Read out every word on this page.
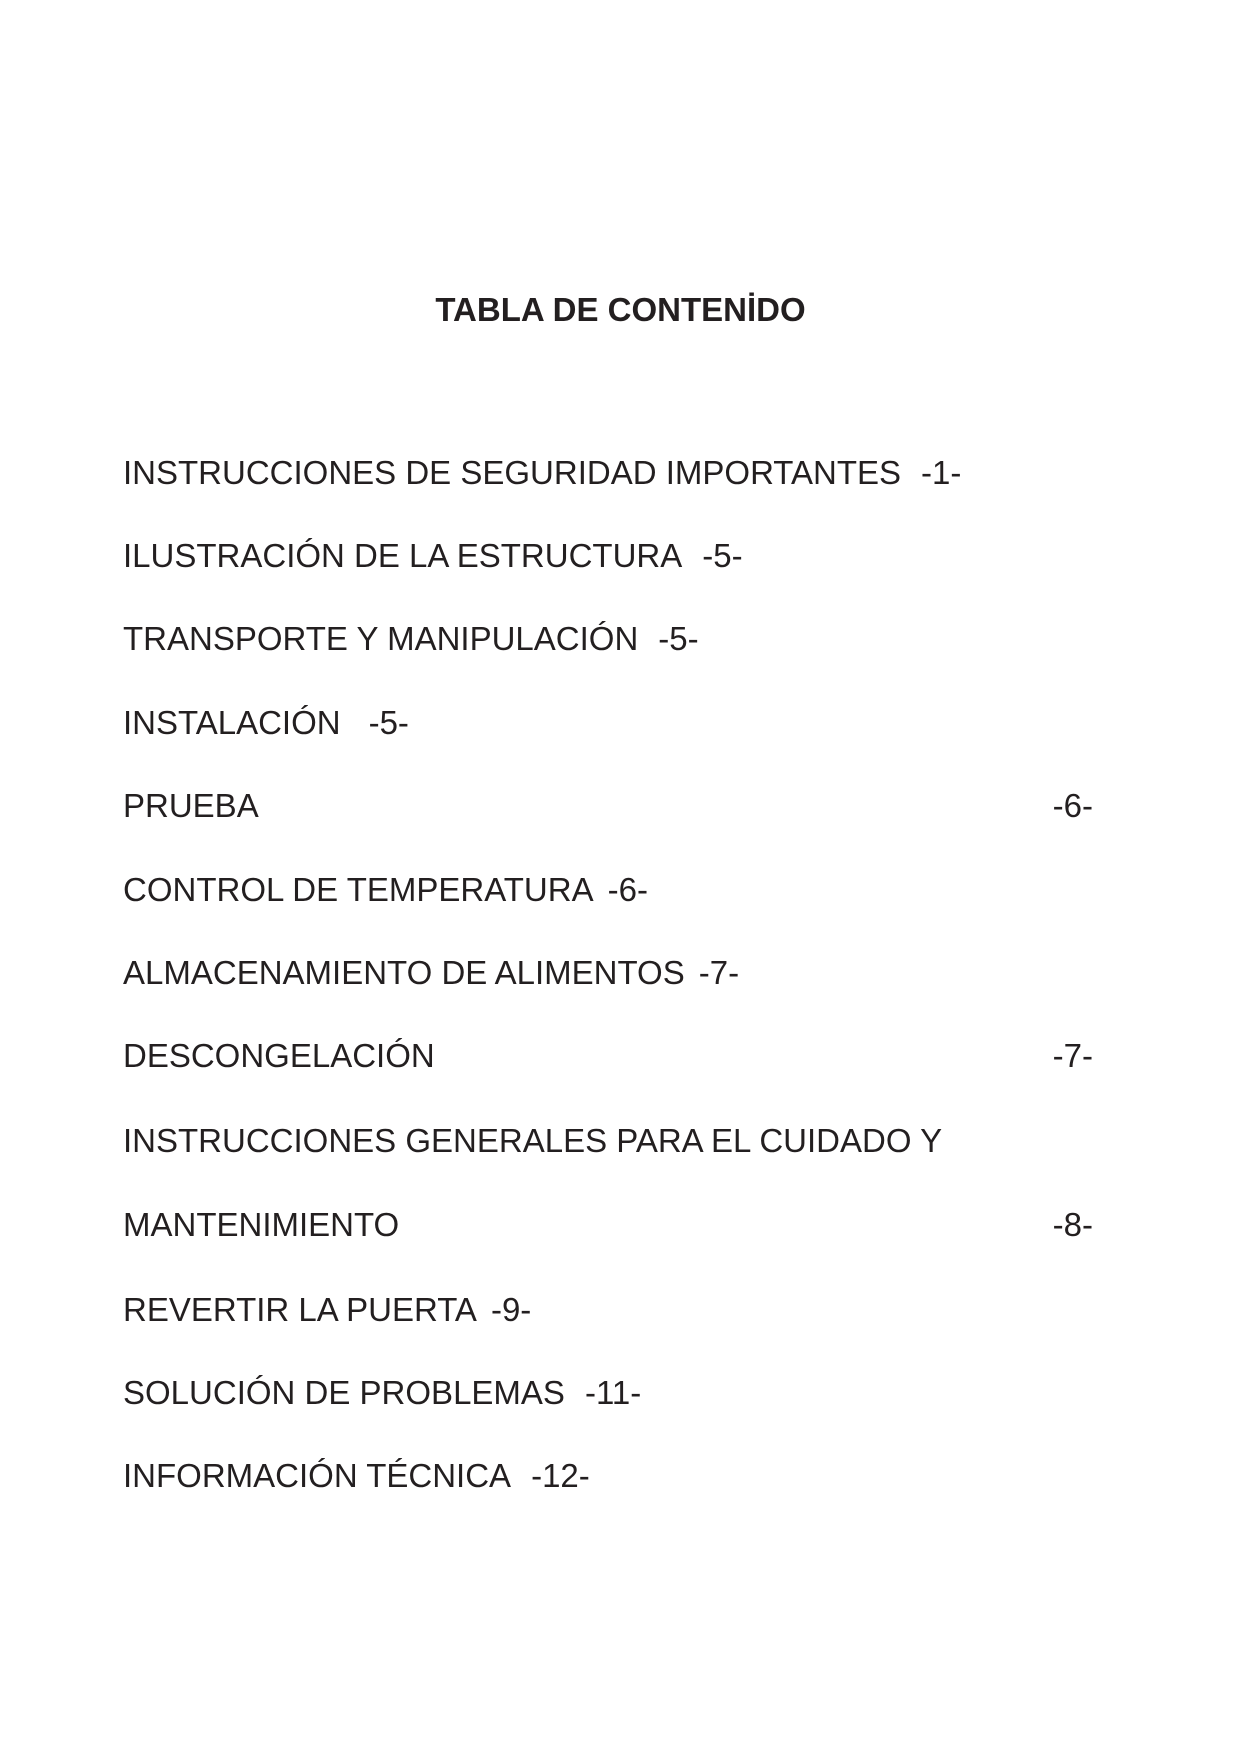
TABLA DE CONTENİDO
INSTRUCCIONES DE SEGURIDAD IMPORTANTES -1-
ILUSTRACIÓN DE LA ESTRUCTURA -5-
TRANSPORTE Y MANIPULACIÓN -5-
INSTALACIÓN -5-
PRUEBA	-6-
CONTROL DE TEMPERATURA -6-
ALMACENAMIENTO DE ALIMENTOS -7-
DESCONGELACIÓN	-7-
INSTRUCCIONES GENERALES PARA EL CUIDADO Y
MANTENIMIENTO	-8-
REVERTIR LA PUERTA -9-
SOLUCIÓN DE PROBLEMAS -11-
INFORMACIÓN TÉCNICA -12-
